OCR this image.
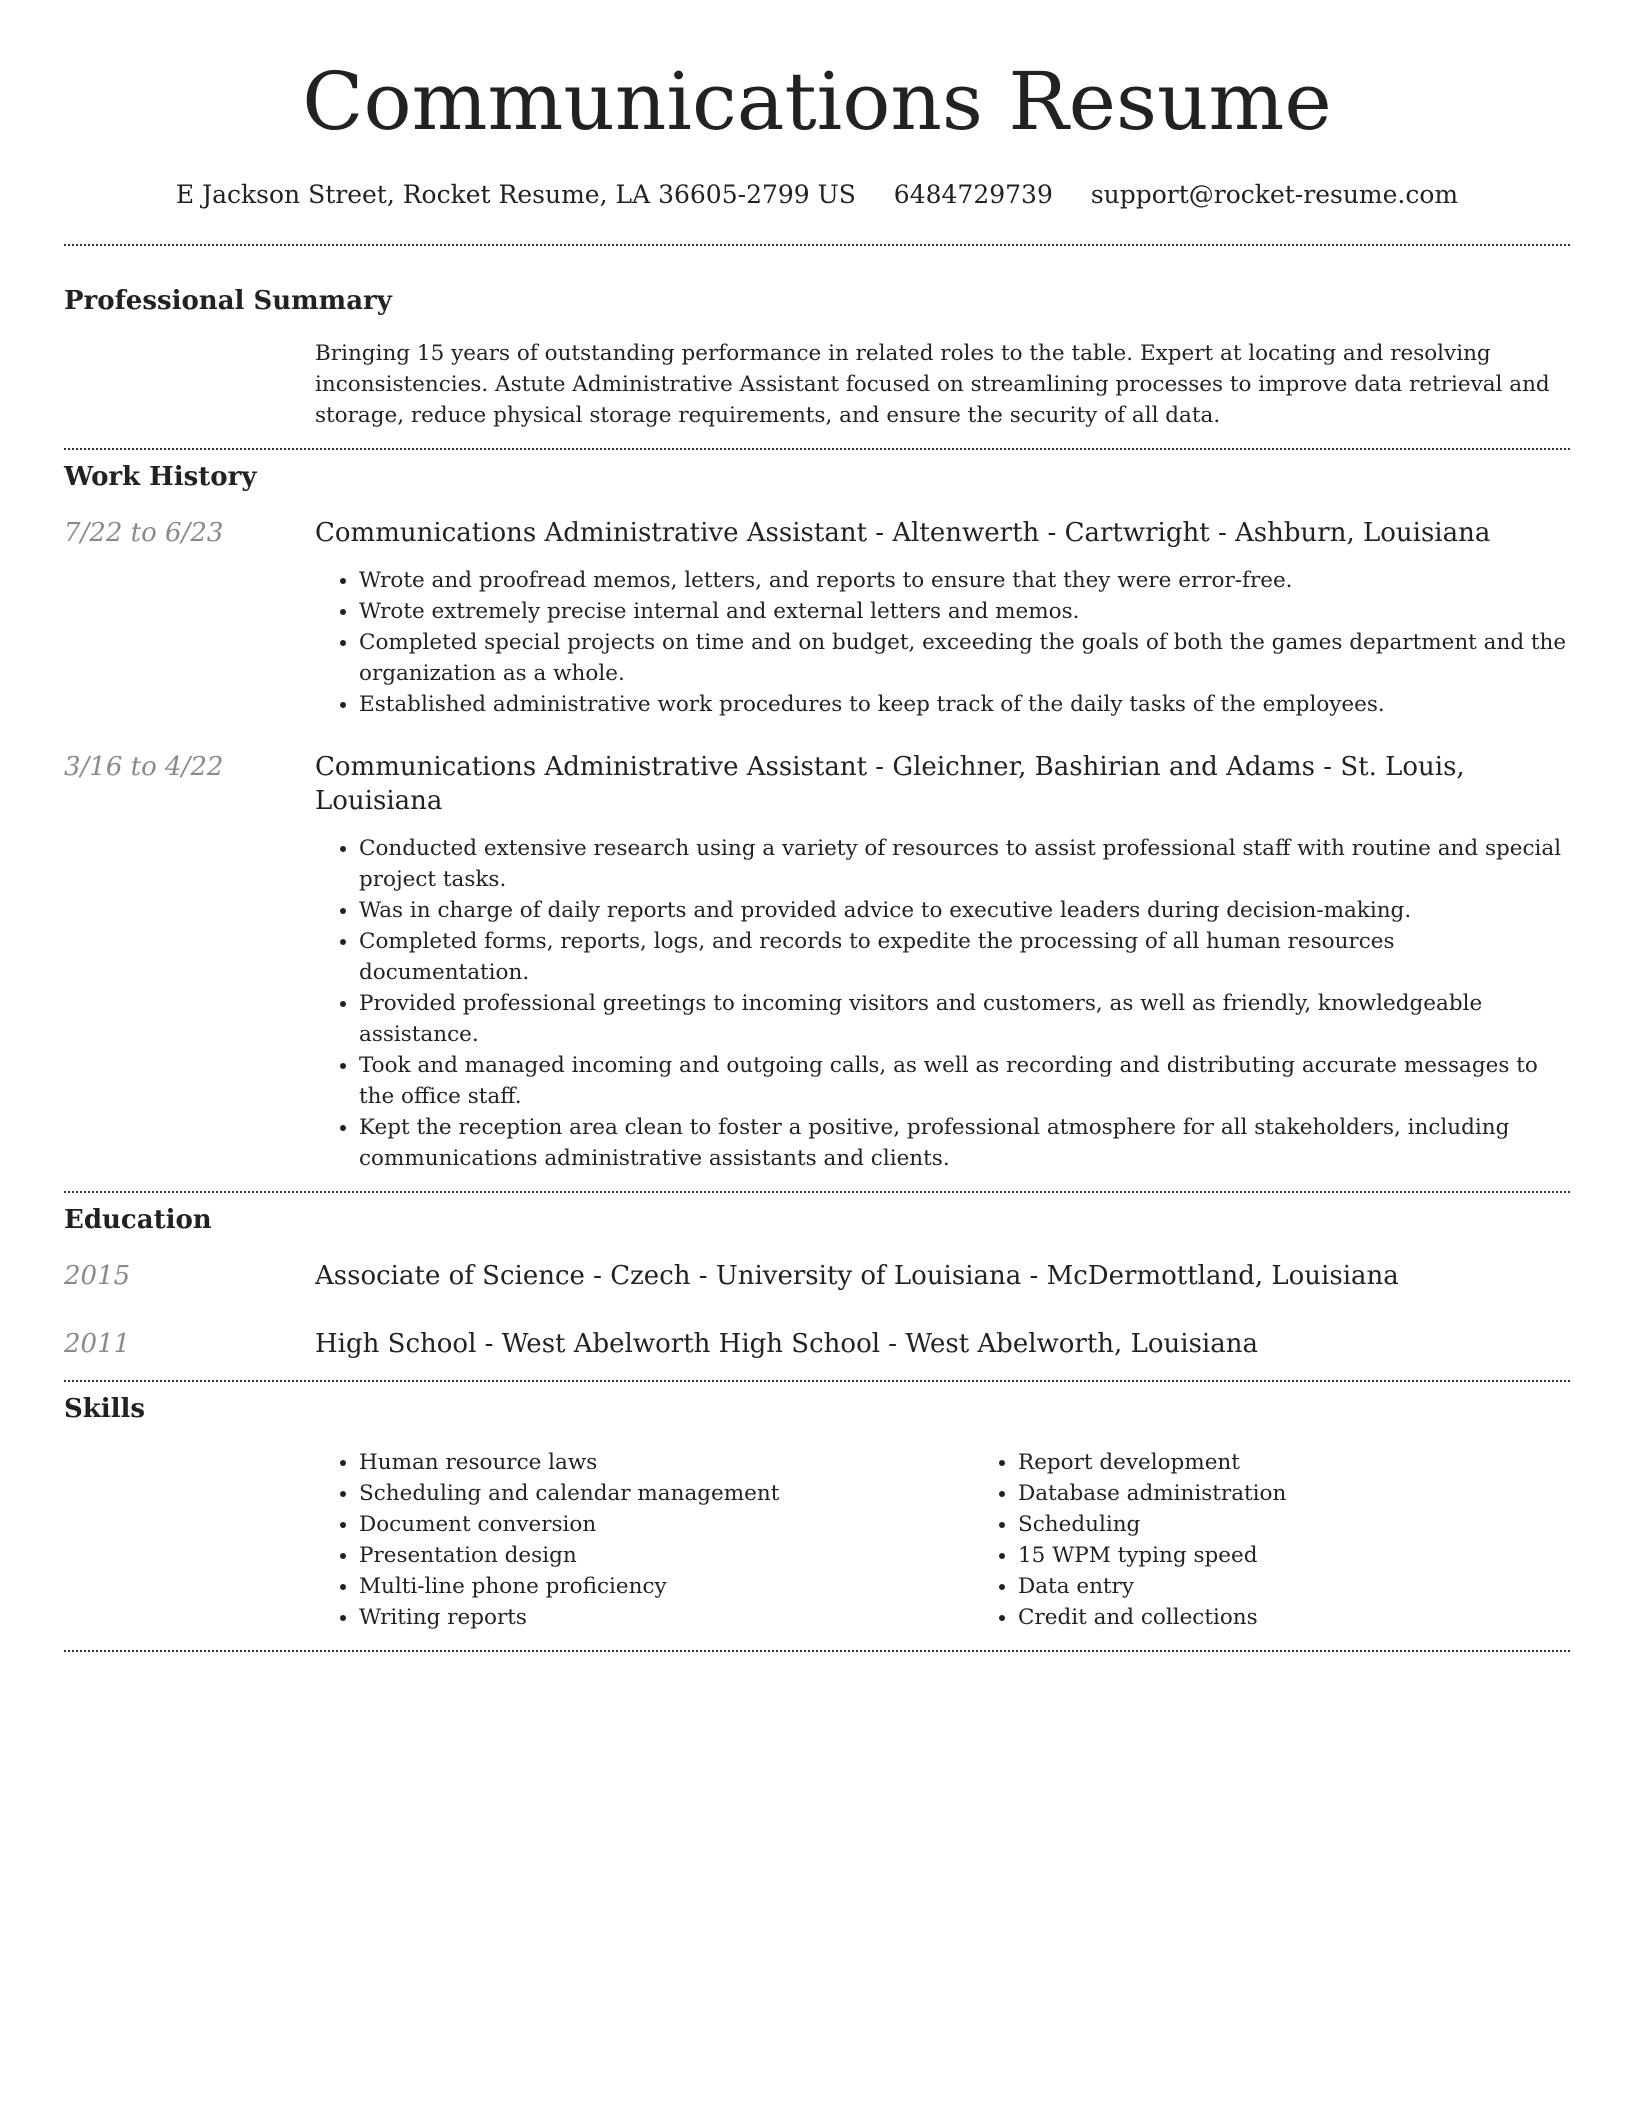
Communications Resume
E Jackson Street, Rocket Resume, LA 36605-2799 US 6484729739 support@rocket-resume.com
Professional Summary

Bringing 15 years of outstanding performance in related roles to the table. Expert at locating and resolving inconsistencies. Astute Administrative Assistant focused on streamlining processes to improve data retrieval and storage, reduce physical storage requirements, and ensure the security of all data.

Work History
7/22 to 6/23	Communications Administrative Assistant - Altenwerth - Cartwright - Ashburn, Louisiana
• Wrote and proofread memos, letters, and reports to ensure that they were error-free.
• Wrote extremely precise internal and external letters and memos.
• Completed special projects on time and on budget, exceeding the goals of both the games department and the organization as a whole.
• Established administrative work procedures to keep track of the daily tasks of the employees.
3/16 to 4/22	Communications Administrative Assistant - Gleichner, Bashirian and Adams - St. Louis, Louisiana
• Conducted extensive research using a variety of resources to assist professional staff with routine and special project tasks.
• Was in charge of daily reports and provided advice to executive leaders during decision-making.
• Completed forms, reports, logs, and records to expedite the processing of all human resources documentation.
• Provided professional greetings to incoming visitors and customers, as well as friendly, knowledgeable assistance.
• Took and managed incoming and outgoing calls, as well as recording and distributing accurate messages to the office staff.
• Kept the reception area clean to foster a positive, professional atmosphere for all stakeholders, including communications administrative assistants and clients.
Education
2015	Associate of Science - Czech - University of Louisiana - McDermottland, Louisiana
2011	High School - West Abelworth High School - West Abelworth, Louisiana
Skills
• Human resource laws
• Scheduling and calendar management
• Document conversion
• Presentation design
• Multi-line phone proficiency
• Writing reports
• Report development
• Database administration
• Scheduling
• 15 WPM typing speed
• Data entry
• Credit and collections
